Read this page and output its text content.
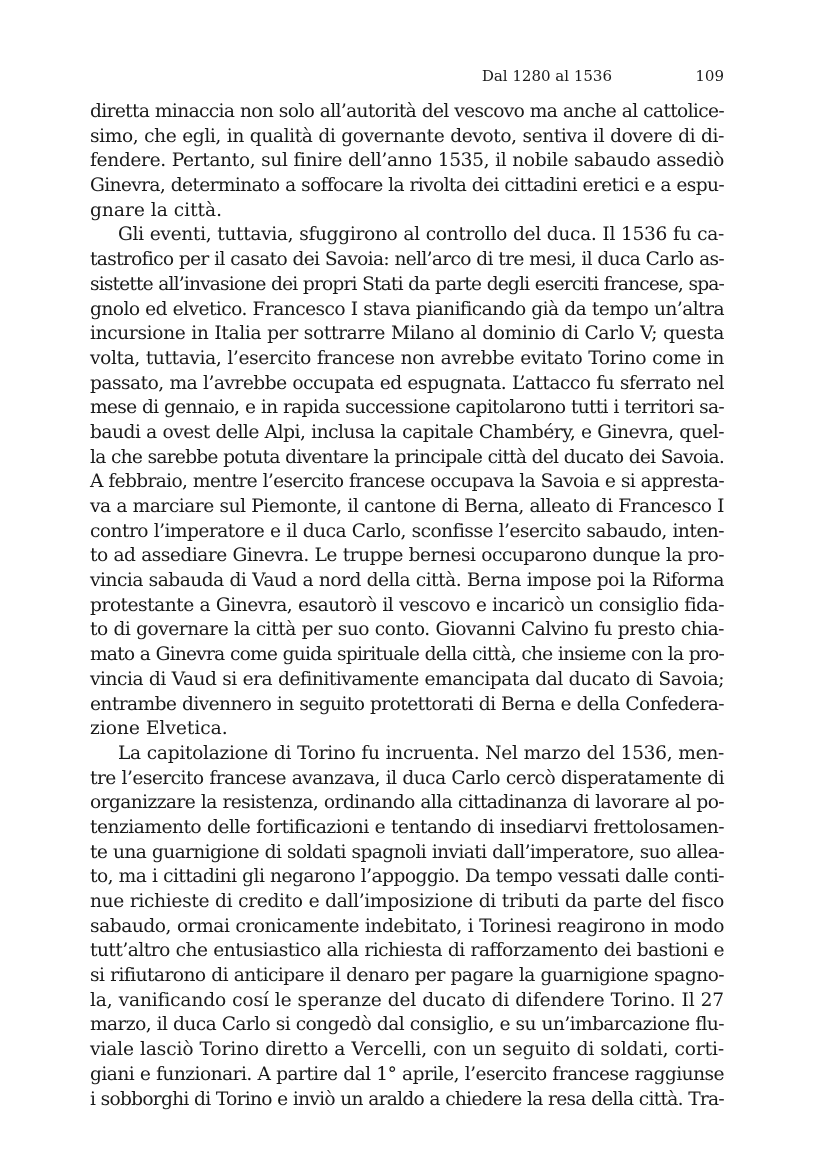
Dal 1280 al 1536	109
diretta minaccia non solo all’autorità del vescovo ma anche al cattolice-
simo, che egli, in qualità di governante devoto, sentiva il dovere di di-
fendere. Pertanto, sul finire dell’anno 1535, il nobile sabaudo assediò
Ginevra, determinato a soffocare la rivolta dei cittadini eretici e a espu-
gnare la città.
Gli eventi, tuttavia, sfuggirono al controllo del duca. Il 1536 fu ca-
tastrofico per il casato dei Savoia: nell’arco di tre mesi, il duca Carlo as-
sistette all’invasione dei propri Stati da parte degli eserciti francese, spa-
gnolo ed elvetico. Francesco I stava pianificando già da tempo un’altra
incursione in Italia per sottrarre Milano al dominio di Carlo V; questa
volta, tuttavia, l’esercito francese non avrebbe evitato Torino come in
passato, ma l’avrebbe occupata ed espugnata. L’attacco fu sferrato nel
mese di gennaio, e in rapida successione capitolarono tutti i territori sa-
baudi a ovest delle Alpi, inclusa la capitale Chambéry, e Ginevra, quel-
la che sarebbe potuta diventare la principale città del ducato dei Savoia.
A febbraio, mentre l’esercito francese occupava la Savoia e si appresta-
va a marciare sul Piemonte, il cantone di Berna, alleato di Francesco I
contro l’imperatore e il duca Carlo, sconfisse l’esercito sabaudo, inten-
to ad assediare Ginevra. Le truppe bernesi occuparono dunque la pro-
vincia sabauda di Vaud a nord della città. Berna impose poi la Riforma
protestante a Ginevra, esautorò il vescovo e incaricò un consiglio fida-
to di governare la città per suo conto. Giovanni Calvino fu presto chia-
mato a Ginevra come guida spirituale della città, che insieme con la pro-
vincia di Vaud si era definitivamente emancipata dal ducato di Savoia;
entrambe divennero in seguito protettorati di Berna e della Confedera-
zione Elvetica.
La capitolazione di Torino fu incruenta. Nel marzo del 1536, men-
tre l’esercito francese avanzava, il duca Carlo cercò disperatamente di
organizzare la resistenza, ordinando alla cittadinanza di lavorare al po-
tenziamento delle fortificazioni e tentando di insediarvi frettolosamen-
te una guarnigione di soldati spagnoli inviati dall’imperatore, suo allea-
to, ma i cittadini gli negarono l’appoggio. Da tempo vessati dalle conti-
nue richieste di credito e dall’imposizione di tributi da parte del fisco
sabaudo, ormai cronicamente indebitato, i Torinesi reagirono in modo
tutt’altro che entusiastico alla richiesta di rafforzamento dei bastioni e
si rifiutarono di anticipare il denaro per pagare la guarnigione spagno-
la, vanificando cosí le speranze del ducato di difendere Torino. Il 27
marzo, il duca Carlo si congedò dal consiglio, e su un’imbarcazione flu-
viale lasciò Torino diretto a Vercelli, con un seguito di soldati, corti-
giani e funzionari. A partire dal 1° aprile, l’esercito francese raggiunse
i sobborghi di Torino e inviò un araldo a chiedere la resa della città. Tra-
